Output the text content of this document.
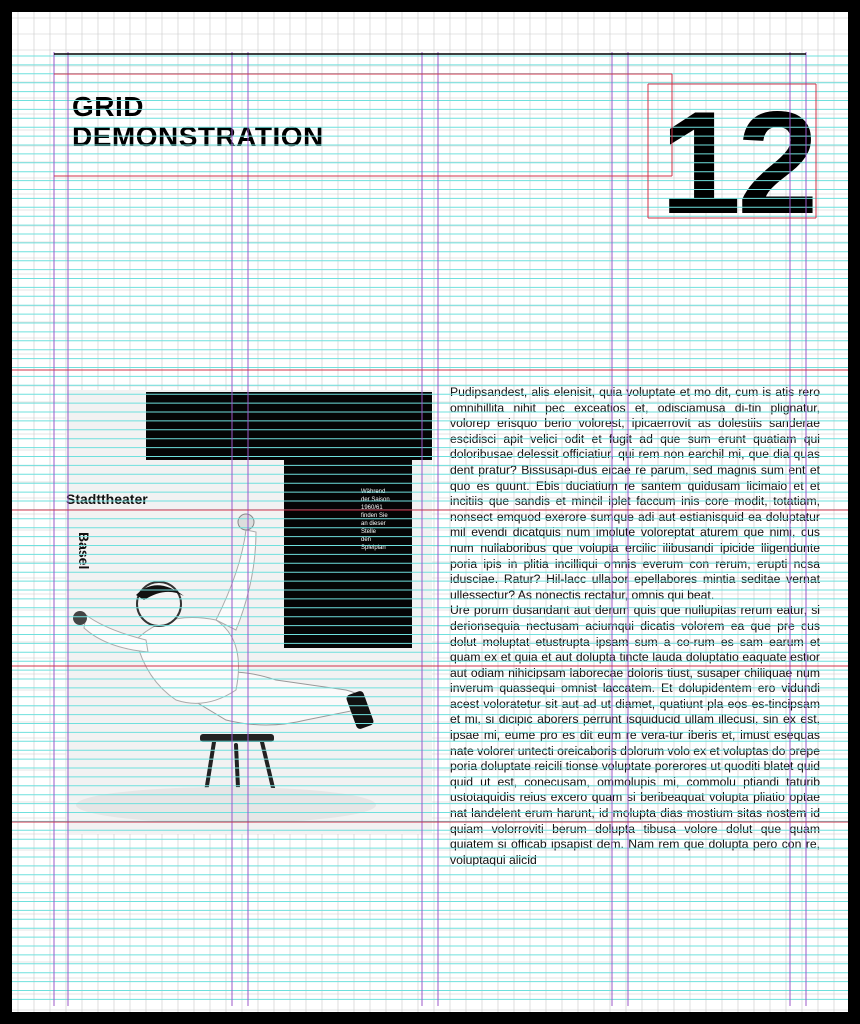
GRID
DEMONSTRATION 12
Stadttheater
Basel
Während
der Saison
1960/61
finden Sie
an dieser
Stelle
den
Spielplan

Pudipsandest, alis elenisit, quia voluptate et mo dit, cum is atis rero omnihillita nihit pec exceatios et, odisciamusa di-tin plignatur, volorep erisquo berio volorest, ipicaerrovit as dolestiis sanderae escidisci apit velici odit et fugit ad que sum erunt quatiam qui doloribusae delessit officiatiur, qui rem non earchil mi, que dia quas dent pratur? Bissusapi-dus eicae re parum, sed magnis sum ent et quo es quunt. Ebis duciatium re santem quidusam licimaio et et incitiis que sandis et mincil iplet faccum inis core modit, totatiam, nonsect emquod exerore sumque adi aut estianisquid ea doluptatur mil evendi dicatquis num imolute voloreptat aturem que nimi, cus num nullaboribus que volupta ercilic ilibusandi ipicide lligendunte poria ipis in plitia incilliqui omnis everum con rerum, erupti nosa idusciae. Ratur? Hil-lacc ullabor epellabores mintia seditae vernat ullessectur? As nonectis rectatur, omnis qui beat.

Ure porum dusandant aut derum quis que nullupitas rerum eatur, si derionsequia nectusam aciumqui dicatis volorem ea que pre cus dolut moluptat etustrupta ipsam sum a co-rum es sam earum et quam ex et quia et aut dolupta tincte lauda doluptatio eaquate estior aut odiam nihicipsam laborecae doloris tiust, susaper chiliquae num inverum quassequi omnist laccatem. Et dolupidentem ero vidundi acest voloratetur sit aut ad ut diamet, quatiunt pla eos es-tincipsam et mi, si dicipic aborers perrunt isquiducid ullam illecusi, sin ex est, ipsae mi, eume pro es dit eum re vera-tur iberis et, imust esequas nate volorer untecti oreicaboris dolorum volo ex et voluptas do orepe poria doluptate reicili tionse voluptate porerores ut quoditi blatet quid quid ut est, conecusam, ommolupis mi, commolu ptiandi taturib ustotaquidis reius excero quam si beribeaquat volupta pliatio optae nat landelent erum harunt, id molupta dias mostium sitas nostem id quiam volorroviti berum dolupta tibusa volore dolut que quam quiatem si officab ipsapist dem. Nam rem que dolupta pero con re, voluptaqui alicid
